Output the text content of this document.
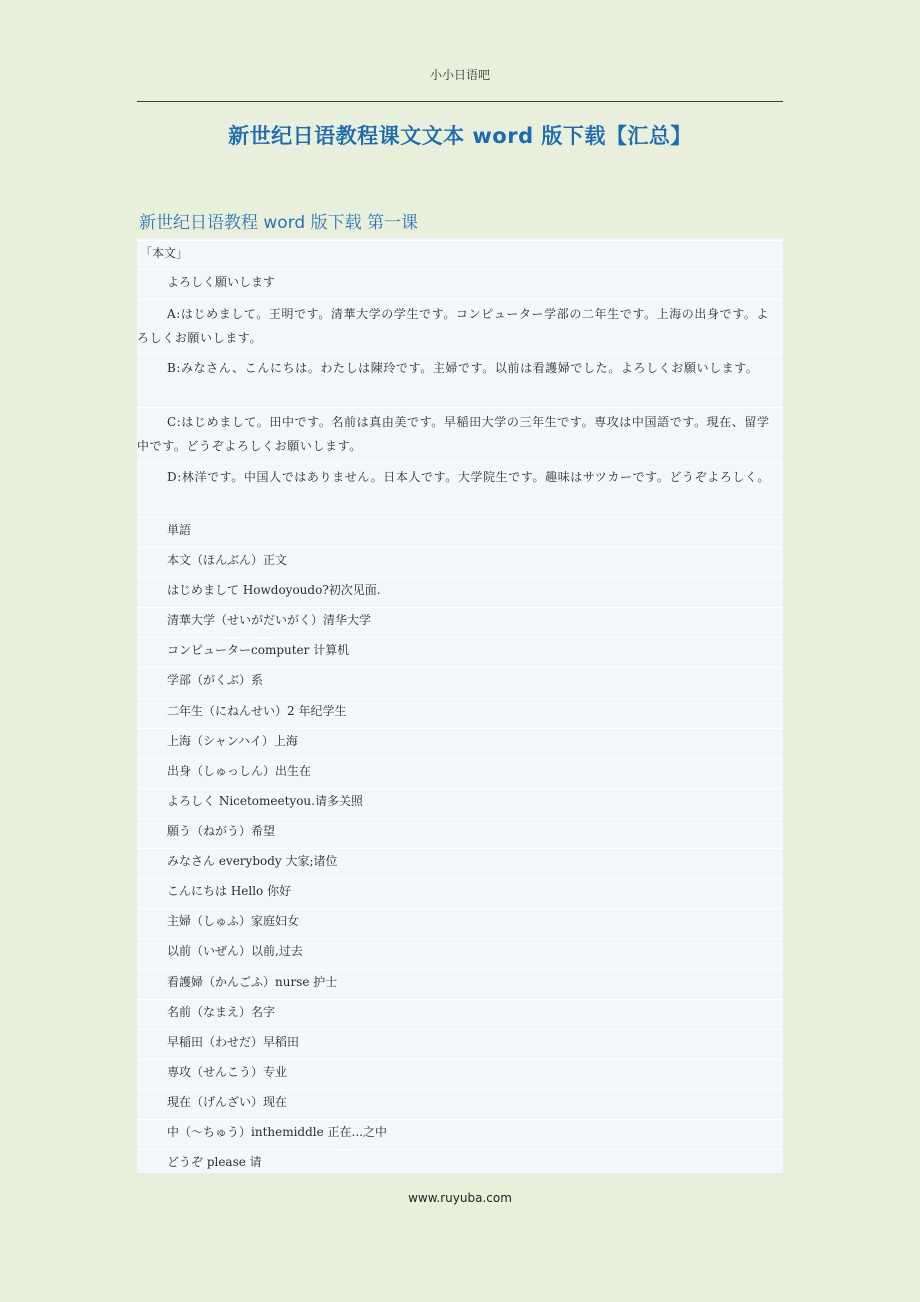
小小日语吧
新世纪日语教程课文文本 word 版下载【汇总】
新世纪日语教程 word 版下载 第一课
「本文」
よろしく願いします
A:はじめまして。王明です。清華大学の学生です。コンピューター学部の二年生です。上海の出身です。よろしくお願いします。
B:みなさん、こんにちは。わたしは陳玲です。主婦です。以前は看護婦でした。よろしくお願いします。
C:はじめまして。田中です。名前は真由美です。早稲田大学の三年生です。専攻は中国語です。現在、留学中です。どうぞよろしくお願いします。
D:林洋です。中国人ではありません。日本人です。大学院生です。趣味はサツカーです。どうぞよろしく。
単語
本文（ほんぶん）正文
はじめまして Howdoyoudo?初次见面.
清華大学（せいがだいがく）清华大学
コンピューターcomputer 计算机
学部（がくぶ）系
二年生（にねんせい）2 年纪学生
上海（シャンハイ）上海
出身（しゅっしん）出生在
よろしく Nicetomeetyou.请多关照
願う（ねがう）希望
みなさん everybody 大家;诸位
こんにちは Hello 你好
主婦（しゅふ）家庭妇女
以前（いぜん）以前,过去
看護婦（かんごふ）nurse 护士
名前（なまえ）名字
早稲田（わせだ）早稻田
専攻（せんこう）专业
現在（げんざい）现在
中（～ちゅう）inthemiddle 正在...之中
どうぞ please 请
www.ruyuba.com
